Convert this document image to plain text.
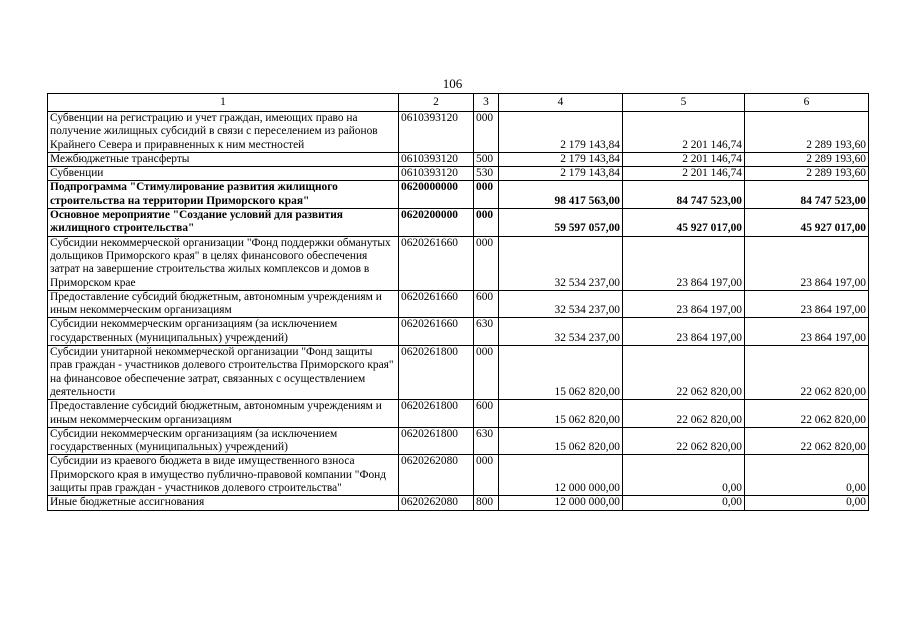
106
1	2	3	4	5	6
Субвенции на регистрацию и учет граждан, имеющих право на получение жилищных субсидий в связи с переселением из районов Крайнего Севера и приравненных к ним местностей	0610393120	000	2 179 143,84	2 201 146,74	2 289 193,60
Межбюджетные трансферты	0610393120	500	2 179 143,84	2 201 146,74	2 289 193,60
Субвенции	0610393120	530	2 179 143,84	2 201 146,74	2 289 193,60
Подпрограмма "Стимулирование развития жилищного строительства на территории Приморского края"	0620000000	000	98 417 563,00	84 747 523,00	84 747 523,00
Основное мероприятие "Создание условий для развития жилищного строительства"	0620200000	000	59 597 057,00	45 927 017,00	45 927 017,00
Субсидии некоммерческой организации "Фонд поддержки обманутых дольщиков Приморского края" в целях финансового обеспечения затрат на завершение строительства жилых комплексов и домов в Приморском крае	0620261660	000	32 534 237,00	23 864 197,00	23 864 197,00
Предоставление субсидий бюджетным, автономным учреждениям и иным некоммерческим организациям	0620261660	600	32 534 237,00	23 864 197,00	23 864 197,00
Субсидии некоммерческим организациям (за исключением государственных (муниципальных) учреждений)	0620261660	630	32 534 237,00	23 864 197,00	23 864 197,00
Субсидии унитарной некоммерческой организации "Фонд защиты прав граждан - участников долевого строительства Приморского края" на финансовое обеспечение затрат, связанных с осуществлением деятельности	0620261800	000	15 062 820,00	22 062 820,00	22 062 820,00
Предоставление субсидий бюджетным, автономным учреждениям и иным некоммерческим организациям	0620261800	600	15 062 820,00	22 062 820,00	22 062 820,00
Субсидии некоммерческим организациям (за исключением государственных (муниципальных) учреждений)	0620261800	630	15 062 820,00	22 062 820,00	22 062 820,00
Субсидии из краевого бюджета в виде имущественного взноса Приморского края в имущество публично-правовой компании "Фонд защиты прав граждан - участников долевого строительства"	0620262080	000	12 000 000,00	0,00	0,00
Иные бюджетные ассигнования	0620262080	800	12 000 000,00	0,00	0,00
